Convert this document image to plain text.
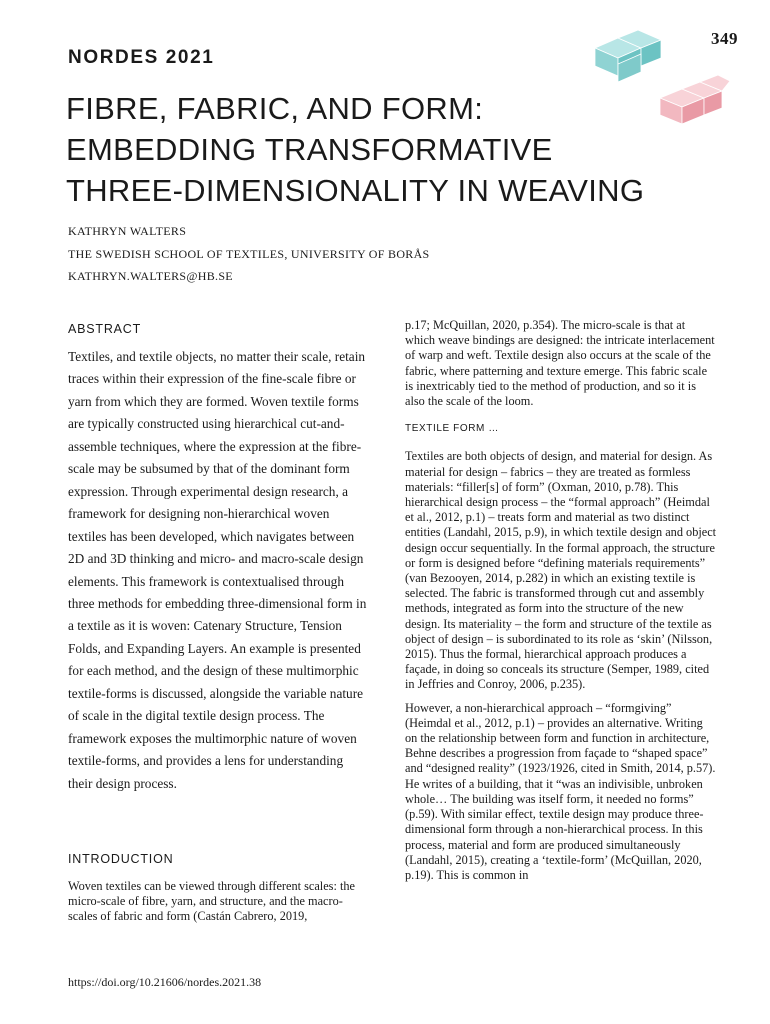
349
NORDES 2021
FIBRE, FABRIC, AND FORM:
EMBEDDING TRANSFORMATIVE
THREE-DIMENSIONALITY IN WEAVING
KATHRYN WALTERS
THE SWEDISH SCHOOL OF TEXTILES, UNIVERSITY OF BORÅS
KATHRYN.WALTERS@HB.SE
ABSTRACT
Textiles, and textile objects, no matter their scale, retain traces within their expression of the fine-scale fibre or yarn from which they are formed. Woven textile forms are typically constructed using hierarchical cut-and-assemble techniques, where the expression at the fibre-scale may be subsumed by that of the dominant form expression. Through experimental design research, a framework for designing non-hierarchical woven textiles has been developed, which navigates between 2D and 3D thinking and micro- and macro-scale design elements. This framework is contextualised through three methods for embedding three-dimensional form in a textile as it is woven: Catenary Structure, Tension Folds, and Expanding Layers. An example is presented for each method, and the design of these multimorphic textile-forms is discussed, alongside the variable nature of scale in the digital textile design process. The framework exposes the multimorphic nature of woven textile-forms, and provides a lens for understanding their design process.
INTRODUCTION
Woven textiles can be viewed through different scales: the micro-scale of fibre, yarn, and structure, and the macro-scales of fabric and form (Castán Cabrero, 2019,

p.17; McQuillan, 2020, p.354). The micro-scale is that at which weave bindings are designed: the intricate interlacement of warp and weft. Textile design also occurs at the scale of the fabric, where patterning and texture emerge. This fabric scale is inextricably tied to the method of production, and so it is also the scale of the loom.

TEXTILE FORM …

Textiles are both objects of design, and material for design. As material for design – fabrics – they are treated as formless materials: “filler[s] of form” (Oxman, 2010, p.78). This hierarchical design process – the “formal approach” (Heimdal et al., 2012, p.1) – treats form and material as two distinct entities (Landahl, 2015, p.9), in which textile design and object design occur sequentially. In the formal approach, the structure or form is designed before “defining materials requirements” (van Bezooyen, 2014, p.282) in which an existing textile is selected. The fabric is transformed through cut and assembly methods, integrated as form into the structure of the new design. Its materiality – the form and structure of the textile as object of design – is subordinated to its role as ‘skin’ (Nilsson, 2015). Thus the formal, hierarchical approach produces a façade, in doing so conceals its structure (Semper, 1989, cited in Jeffries and Conroy, 2006, p.235).

However, a non-hierarchical approach – “formgiving” (Heimdal et al., 2012, p.1) – provides an alternative. Writing on the relationship between form and function in architecture, Behne describes a progression from façade to “shaped space” and “designed reality” (1923/1926, cited in Smith, 2014, p.57). He writes of a building, that it “was an indivisible, unbroken whole… The building was itself form, it needed no forms” (p.59). With similar effect, textile design may produce three-dimensional form through a non-hierarchical process. In this process, material and form are produced simultaneously (Landahl, 2015), creating a ‘textile-form’ (McQuillan, 2020, p.19). This is common in

https://doi.org/10.21606/nordes.2021.38
